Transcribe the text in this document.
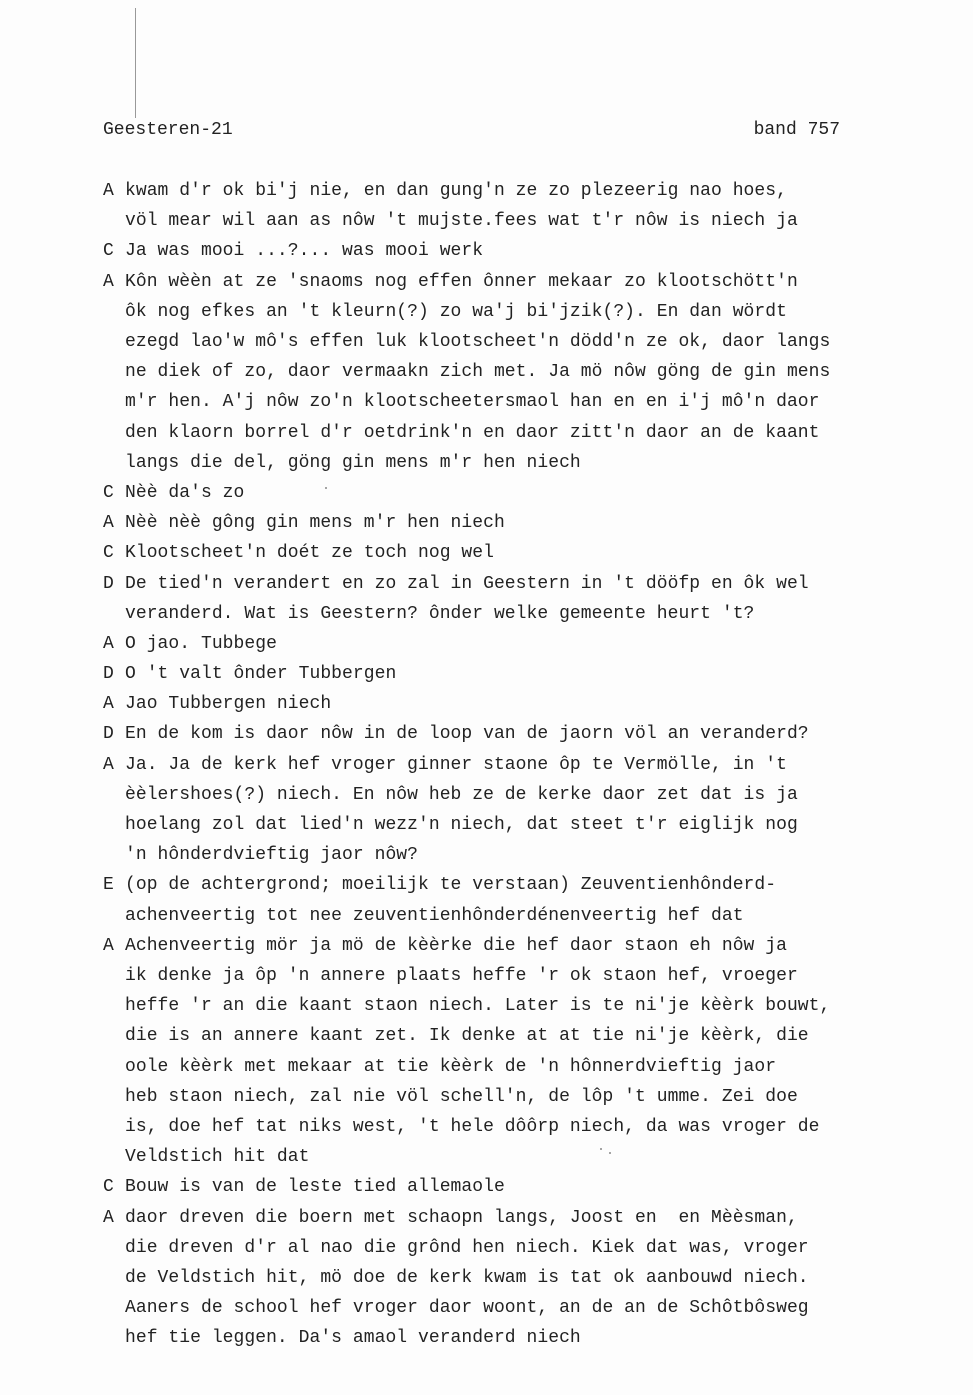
Geesteren-21	band 757
A kwam d'r ok bi'j nie, en dan gung'n ze zo plezeerig nao hoes,
völ mear wil aan as nôw 't mujste.fees wat t'r nôw is niech ja
C Ja was mooi ...?... was mooi werk
A Kôn wèèn at ze 'snaoms nog effen ônner mekaar zo klootschött'n
ôk nog efkes an 't kleurn(?) zo wa'j bi'jzik(?). En dan wördt
ezegd lao'w mô's effen luk klootscheet'n dödd'n ze ok, daor langs
ne diek of zo, daor vermaakn zich met. Ja mö nôw göng de gin mens
m'r hen. A'j nôw zo'n klootscheetersmaol han en en i'j mô'n daor
den klaorn borrel d'r oetdrink'n en daor zitt'n daor an de kaant
langs die del, göng gin mens m'r hen niech
C Nèè da's zo
A Nèè nèè gông gin mens m'r hen niech
C Klootscheet'n doét ze toch nog wel
D De tied'n verandert en zo zal in Geestern in 't dööfp en ôk wel
veranderd. Wat is Geestern? ônder welke gemeente heurt 't?
A O jao. Tubbege
D O 't valt ônder Tubbergen
A Jao Tubbergen niech
D En de kom is daor nôw in de loop van de jaorn völ an veranderd?
A Ja. Ja de kerk hef vroger ginner staone ôp te Vermölle, in 't
èèlershoes(?) niech. En nôw heb ze de kerke daor zet dat is ja
hoelang zol dat lied'n wezz'n niech, dat steet t'r eiglijk nog
'n hônderdvieftig jaor nôw?
E (op de achtergrond; moeilijk te verstaan) Zeuventienhônderd-
achenveertig tot nee zeuventienhônderdénenveertig hef dat
A Achenveertig mör ja mö de kèèrke die hef daor staon eh nôw ja
ik denke ja ôp 'n annere plaats heffe 'r ok staon hef, vroeger
heffe 'r an die kaant staon niech. Later is te ni'je kèèrk bouwt,
die is an annere kaant zet. Ik denke at at tie ni'je kèèrk, die
oole kèèrk met mekaar at tie kèèrk de 'n hônnerdvieftig jaor
heb staon niech, zal nie völ schell'n, de lôp 't umme. Zei doe
is, doe hef tat niks west, 't hele dôôrp niech, da was vroger de
Veldstich hit dat
C Bouw is van de leste tied allemaole
A daor dreven die boern met schaopn langs, Joost en  en Mèèsman,
die dreven d'r al nao die grônd hen niech. Kiek dat was, vroger
de Veldstich hit, mö doe de kerk kwam is tat ok aanbouwd niech.
Aaners de school hef vroger daor woont, an de an de Schôtbôsweg
hef tie leggen. Da's amaol veranderd niech
